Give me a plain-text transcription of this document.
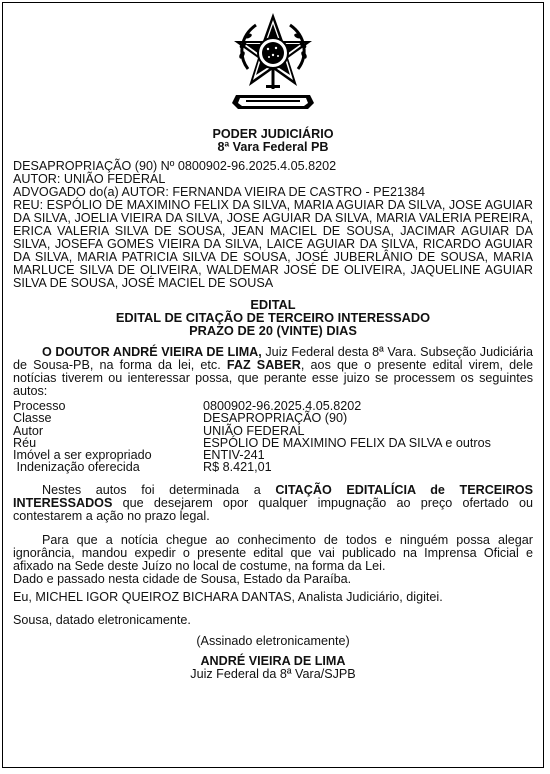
PODER JUDICIÁRIO
8ª Vara Federal PB
DESAPROPRIAÇÃO (90) Nº 0800902-96.2025.4.05.8202
AUTOR: UNIÃO FEDERAL
ADVOGADO do(a) AUTOR: FERNANDA VIEIRA DE CASTRO - PE21384

REU: ESPÓLIO DE MAXIMINO FELIX DA SILVA, MARIA AGUIAR DA SILVA, JOSE AGUIAR DA SILVA, JOELIA VIEIRA DA SILVA, JOSE AGUIAR DA SILVA, MARIA VALERIA PEREIRA, ERICA VALERIA SILVA DE SOUSA, JEAN MACIEL DE SOUSA, JACIMAR AGUIAR DA SILVA, JOSEFA GOMES VIEIRA DA SILVA, LAICE AGUIAR DA SILVA, RICARDO AGUIAR DA SILVA, MARIA PATRICIA SILVA DE SOUSA, JOSÉ JUBERLÂNIO DE SOUSA, MARIA MARLUCE SILVA DE OLIVEIRA, WALDEMAR JOSÉ DE OLIVEIRA, JAQUELINE AGUIAR SILVA DE SOUSA, JOSÉ MACIEL DE SOUSA

EDITAL
EDITAL DE CITAÇÃO DE TERCEIRO INTERESSADO
PRAZO DE 20 (VINTE) DIAS

O DOUTOR ANDRÉ VIEIRA DE LIMA, Juiz Federal desta 8ª Vara. Subseção Judiciária de Sousa-PB, na forma da lei, etc. FAZ SABER, aos que o presente edital virem, dele notícias tiverem ou ienteressar possa, que perante esse juizo se processem os seguintes autos:

Processo	0800902-96.2025.4.05.8202
Classe	DESAPROPRIAÇÃO (90)
Autor	UNIÃO FEDERAL
Réu	ESPÓLIO DE MAXIMINO FELIX DA SILVA e outros
Imóvel a ser expropriado	ENTIV-241
Indenização oferecida	R$ 8.421,01

Nestes autos foi determinada a CITAÇÃO EDITALÍCIA de TERCEIROS INTERESSADOS que desejarem opor qualquer impugnação ao preço ofertado ou contestarem a ação no prazo legal.

Para que a notícia chegue ao conhecimento de todos e ninguém possa alegar ignorância, mandou expedir o presente edital que vai publicado na Imprensa Oficial e afixado na Sede deste Juízo no local de costume, na forma da Lei.

Dado e passado nesta cidade de Sousa, Estado da Paraíba.

Eu, MICHEL IGOR QUEIROZ BICHARA DANTAS, Analista Judiciário, digitei.

Sousa, datado eletronicamente.

(Assinado eletronicamente)
ANDRÉ VIEIRA DE LIMA
Juiz Federal da 8ª Vara/SJPB
